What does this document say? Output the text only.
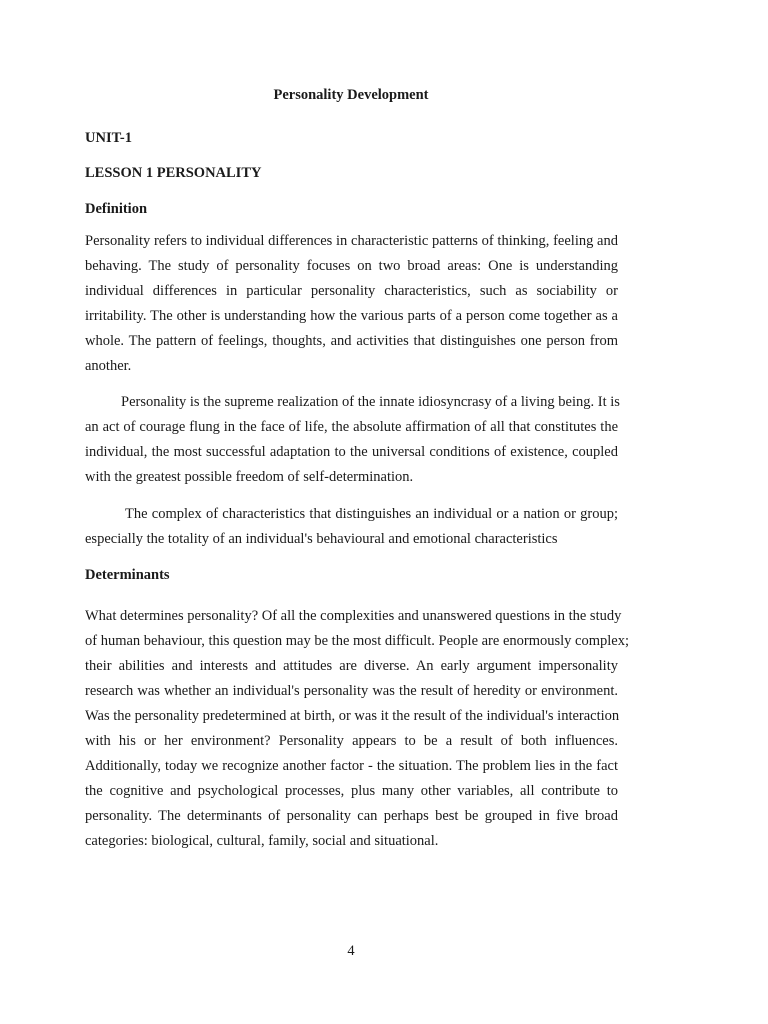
Personality Development
UNIT-1
LESSON 1 PERSONALITY
Definition
Personality refers to individual differences in characteristic patterns of thinking, feeling and
behaving. The study of personality focuses on two broad areas: One is understanding
individual differences in particular personality characteristics, such as sociability or
irritability. The other is understanding how the various parts of a person come together as a
whole. The pattern of feelings, thoughts, and activities that distinguishes one person from
another.
Personality is the supreme realization of the innate idiosyncrasy of a living being. It is
an act of courage flung in the face of life, the absolute affirmation of all that constitutes the
individual, the most successful adaptation to the universal conditions of existence, coupled
with the greatest possible freedom of self-determination.
The complex of characteristics that distinguishes an individual or a nation or group;
especially the totality of an individual's behavioural and emotional characteristics
Determinants
What determines personality? Of all the complexities and unanswered questions in the study
of human behaviour, this question may be the most difficult. People are enormously complex;
their abilities and interests and attitudes are diverse. An early argument impersonality
research was whether an individual's personality was the result of heredity or environment.
Was the personality predetermined at birth, or was it the result of the individual's interaction
with his or her environment? Personality appears to be a result of both influences.
Additionally, today we recognize another factor - the situation. The problem lies in the fact
the cognitive and psychological processes, plus many other variables, all contribute to
personality. The determinants of personality can perhaps best be grouped in five broad
categories: biological, cultural, family, social and situational.
4
